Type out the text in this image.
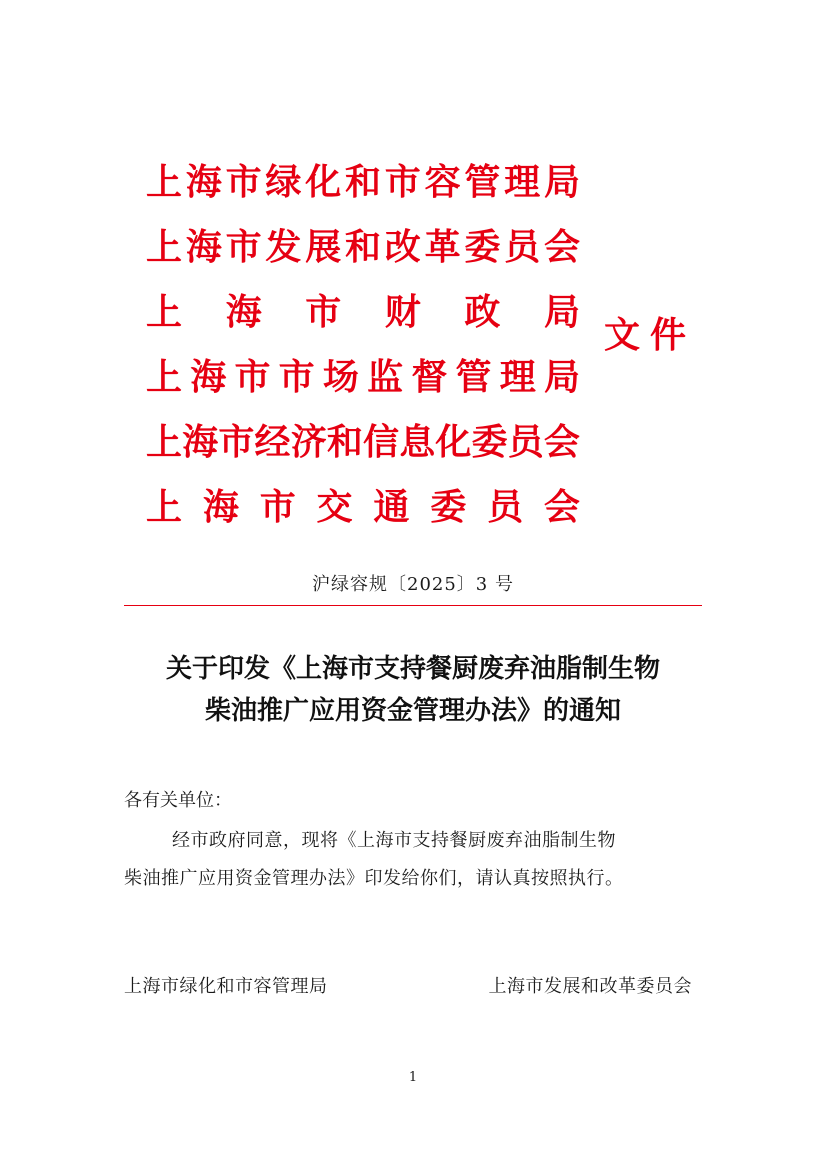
上 海 市 绿 化 和 市 容 管 理 局
上 海 市 发 展 和 改 革 委 员 会
上 海 市 财 政 局
上 海 市 市 场 监 督 管 理 局
上 海 市 经 济 和 信 息 化 委 员 会
上 海 市 交 通 委 员 会
文件
沪绿容规〔2025〕3 号
关于印发《上海市支持餐厨废弃油脂制生物
柴油推广应用资金管理办法》的通知
各有关单位：
经市政府同意，现将《上海市支持餐厨废弃油脂制生物
柴油推广应用资金管理办法》印发给你们，请认真按照执行。
上海市绿化和市容管理局	上海市发展和改革委员会
1
